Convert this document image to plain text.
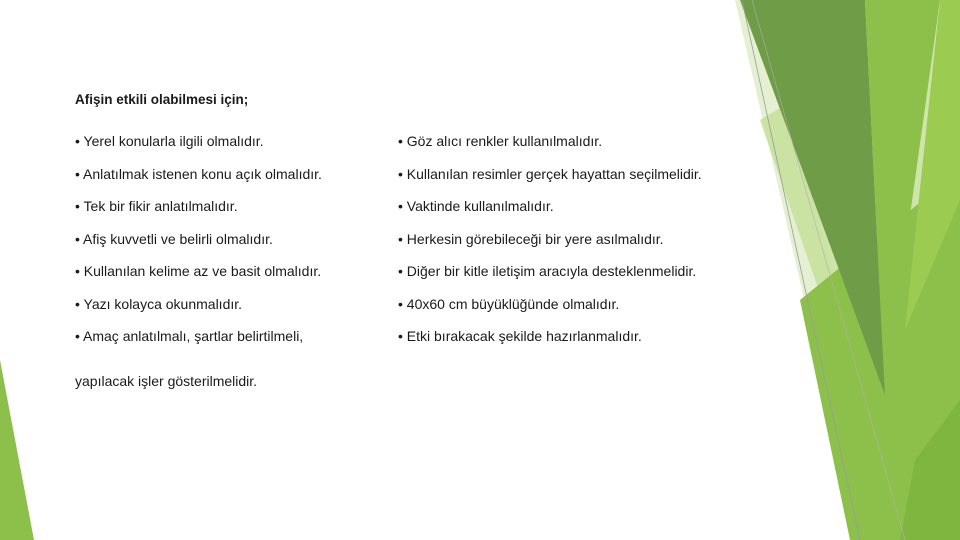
Afişin etkili olabilmesi için;

• Yerel konularla ilgili olmalıdır.

• Anlatılmak istenen konu açık olmalıdır.

• Tek bir fikir anlatılmalıdır.

• Afiş kuvvetli ve belirli olmalıdır.

• Kullanılan kelime az ve basit olmalıdır.

• Yazı kolayca okunmalıdır.

• Amaç anlatılmalı, şartlar belirtilmeli,

yapılacak işler gösterilmelidir.

• Göz alıcı renkler kullanılmalıdır.

• Kullanılan resimler gerçek hayattan seçilmelidir.

• Vaktinde kullanılmalıdır.

• Herkesin görebileceği bir yere asılmalıdır.

• Diğer bir kitle iletişim aracıyla desteklenmelidir.

• 40x60 cm büyüklüğünde olmalıdır.

• Etki bırakacak şekilde hazırlanmalıdır.
